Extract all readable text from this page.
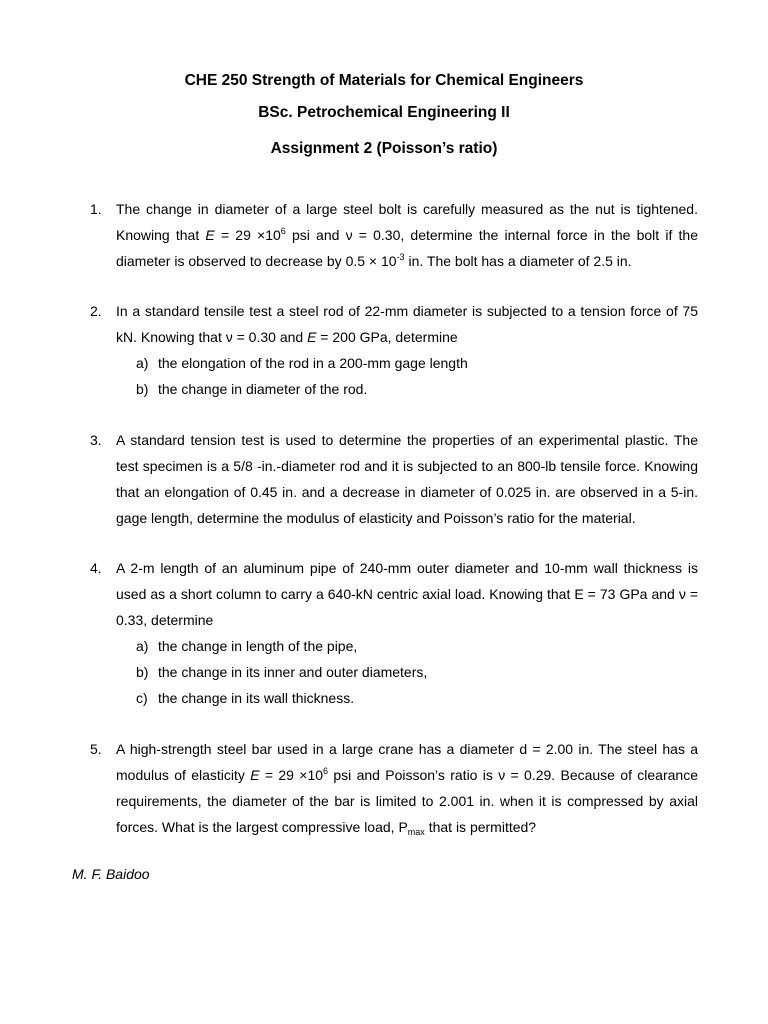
CHE 250 Strength of Materials for Chemical Engineers
BSc. Petrochemical Engineering II
Assignment 2 (Poisson’s ratio)
1.	The change in diameter of a large steel bolt is carefully measured as the nut is tightened. Knowing that $E = 29 \times 10^6$ psi and ν = 0.30, determine the internal force in the bolt if the diameter is observed to decrease by $0.5 \times 10^{-3}$ in. The bolt has a diameter of 2.5 in.
2.	In a standard tensile test a steel rod of 22-mm diameter is subjected to a tension force of 75 kN. Knowing that ν = 0.30 and E = 200 GPa, determine
a) the elongation of the rod in a 200-mm gage length
b) the change in diameter of the rod.
3.	A standard tension test is used to determine the properties of an experimental plastic. The test specimen is a 5/8 -in.-diameter rod and it is subjected to an 800-lb tensile force. Knowing that an elongation of 0.45 in. and a decrease in diameter of 0.025 in. are observed in a 5-in. gage length, determine the modulus of elasticity and Poisson’s ratio for the material.
4.	A 2-m length of an aluminum pipe of 240-mm outer diameter and 10-mm wall thickness is used as a short column to carry a 640-kN centric axial load. Knowing that E = 73 GPa and ν = 0.33, determine
a) the change in length of the pipe,
b) the change in its inner and outer diameters,
c) the change in its wall thickness.
5.	A high-strength steel bar used in a large crane has a diameter d = 2.00 in. The steel has a modulus of elasticity $E = 29 \times 10^6$ psi and Poisson’s ratio is ν = 0.29. Because of clearance requirements, the diameter of the bar is limited to 2.001 in. when it is compressed by axial forces. What is the largest compressive load, $P_{max}$ that is permitted?
M. F. Baidoo
